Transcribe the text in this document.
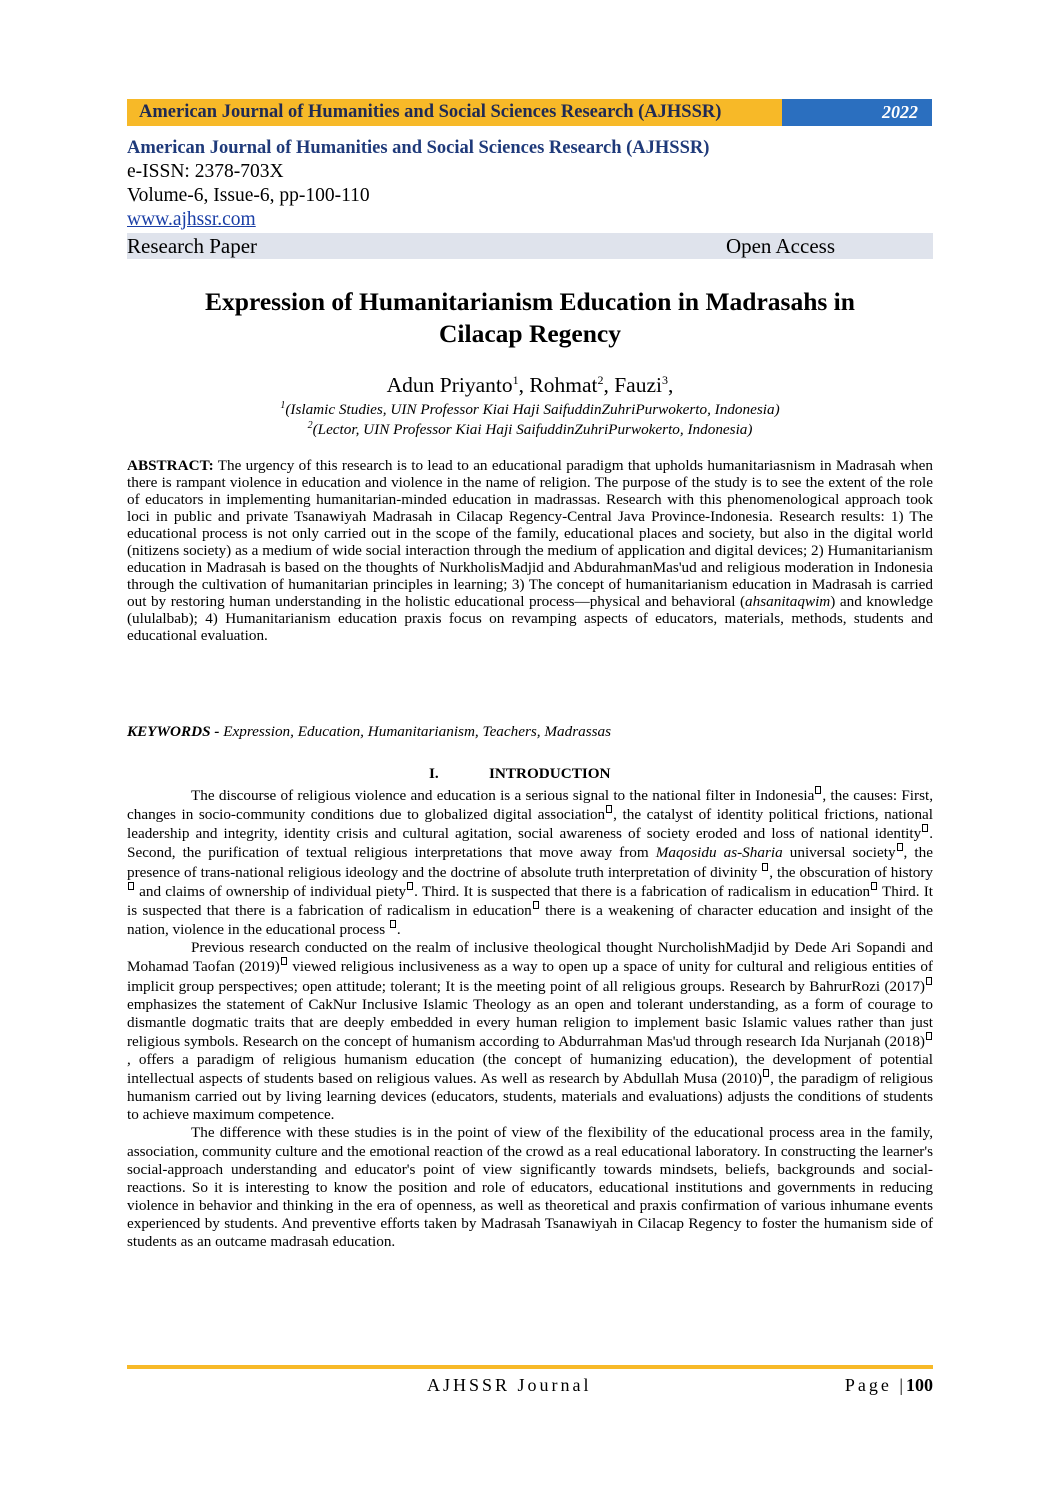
American Journal of Humanities and Social Sciences Research (AJHSSR)	2022
American Journal of Humanities and Social Sciences Research (AJHSSR)
e-ISSN: 2378-703X
Volume-6, Issue-6, pp-100-110
www.ajhssr.com
Research Paper	Open Access
Expression of Humanitarianism Education in Madrasahs in
Cilacap Regency
Adun Priyanto$^1$, Rohmat$^2$, Fauzi$^3$,
$^1$(Islamic Studies, UIN Professor Kiai Haji SaifuddinZuhriPurwokerto, Indonesia)
$^2$(Lector, UIN Professor Kiai Haji SaifuddinZuhriPurwokerto, Indonesia)
ABSTRACT: The urgency of this research is to lead to an educational paradigm that upholds humanitariasnism in Madrasah when there is rampant violence in education and violence in the name of religion. The purpose of the study is to see the extent of the role of educators in implementing humanitarian-minded education in madrassas. Research with this phenomenological approach took loci in public and private Tsanawiyah Madrasah in Cilacap Regency-Central Java Province-Indonesia. Research results: 1) The educational process is not only carried out in the scope of the family, educational places and society, but also in the digital world (nitizens society) as a medium of wide social interaction through the medium of application and digital devices; 2) Humanitarianism education in Madrasah is based on the thoughts of NurkholisMadjid and AbdurahmanMas'ud and religious moderation in Indonesia through the cultivation of humanitarian principles in learning; 3) The concept of humanitarianism education in Madrasah is carried out by restoring human understanding in the holistic educational process—physical and behavioral (ahsanitaqwim) and knowledge (ululalbab); 4) Humanitarianism education praxis focus on revamping aspects of educators, materials, methods, students and educational evaluation.
KEYWORDS - Expression, Education, Humanitarianism, Teachers, Madrassas
I.	INTRODUCTION

The discourse of religious violence and education is a serious signal to the national filter in Indonesia , the causes: First, changes in socio-community conditions due to globalized digital association , the catalyst of identity political frictions, national leadership and integrity, identity crisis and cultural agitation, social awareness of society eroded and loss of national identity . Second, the purification of textual religious interpretations that move away from Maqosidu as-Sharia universal society , the presence of trans-national religious ideology and the doctrine of absolute truth interpretation of divinity , the obscuration of history and claims of ownership of individual piety . Third. It is suspected that there is a fabrication of radicalism in education Third. It is suspected that there is a fabrication of radicalism in education there is a weakening of character education and insight of the nation, violence in the educational process .

Previous research conducted on the realm of inclusive theological thought NurcholishMadjid by Dede Ari Sopandi and Mohamad Taofan (2019) viewed religious inclusiveness as a way to open up a space of unity for cultural and religious entities of implicit group perspectives; open attitude; tolerant; It is the meeting point of all religious groups. Research by BahrurRozi (2017) emphasizes the statement of CakNur Inclusive Islamic Theology as an open and tolerant understanding, as a form of courage to dismantle dogmatic traits that are deeply embedded in every human religion to implement basic Islamic values rather than just religious symbols. Research on the concept of humanism according to Abdurrahman Mas'ud through research Ida Nurjanah (2018), offers a paradigm of religious humanism education (the concept of humanizing education), the development of potential intellectual aspects of students based on religious values. As well as research by Abdullah Musa (2010) , the paradigm of religious humanism carried out by living learning devices (educators, students, materials and evaluations) adjusts the conditions of students to achieve maximum competence.

The difference with these studies is in the point of view of the flexibility of the educational process area in the family, association, community culture and the emotional reaction of the crowd as a real educational laboratory. In constructing the learner's social-approach understanding and educator's point of view significantly towards mindsets, beliefs, backgrounds and social-reactions. So it is interesting to know the position and role of educators, educational institutions and governments in reducing violence in behavior and thinking in the era of openness, as well as theoretical and praxis confirmation of various inhumane events experienced by students. And preventive efforts taken by Madrasah Tsanawiyah in Cilacap Regency to foster the humanism side of students as an outcame madrasah education.

AJHSSR Journal	Page |100
